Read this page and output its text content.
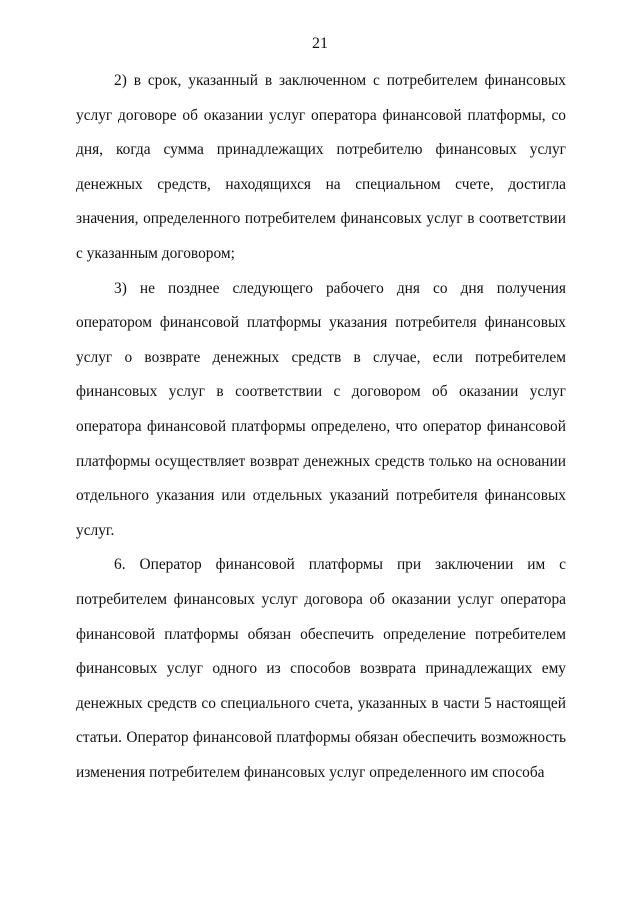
21

2) в срок, указанный в заключенном с потребителем финансовых услуг договоре об оказании услуг оператора финансовой платформы, со дня, когда сумма принадлежащих потребителю финансовых услуг денежных средств, находящихся на специальном счете, достигла значения, определенного потребителем финансовых услуг в соответствии с указанным договором;

3) не позднее следующего рабочего дня со дня получения оператором финансовой платформы указания потребителя финансовых услуг о возврате денежных средств в случае, если потребителем финансовых услуг в соответствии с договором об оказании услуг оператора финансовой платформы определено, что оператор финансовой платформы осуществляет возврат денежных средств только на основании отдельного указания или отдельных указаний потребителя финансовых услуг.

6. Оператор финансовой платформы при заключении им с потребителем финансовых услуг договора об оказании услуг оператора финансовой платформы обязан обеспечить определение потребителем финансовых услуг одного из способов возврата принадлежащих ему денежных средств со специального счета, указанных в части 5 настоящей статьи. Оператор финансовой платформы обязан обеспечить возможность изменения потребителем финансовых услуг определенного им способа
